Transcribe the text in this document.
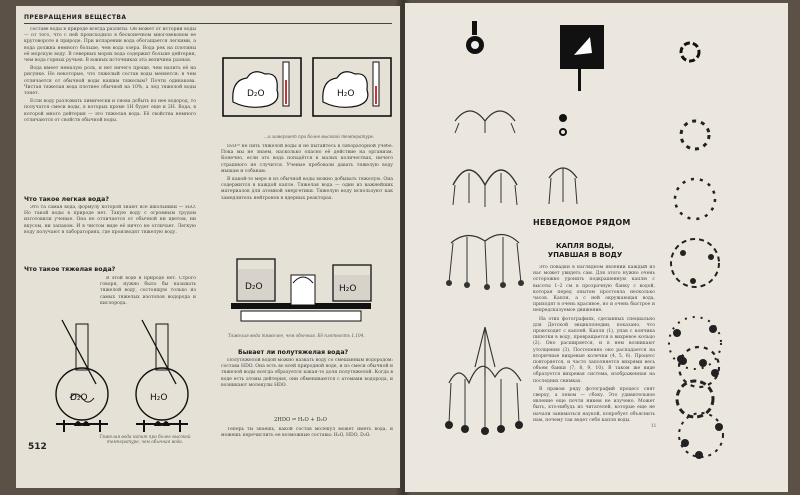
ПРЕВРАЩЕНИЯ ВЕЩЕСТВА

составе воды в природе всегда разлиты. Он может от истории воды — от того, что с ней происходило в бесконечном многовековом ее круговороте в природе. При испарении вода обогащается легкими, а вода должна немного больше, чем вода озера. Вода рек на плотины её морскую воду. В северных морях вода содержит больше дейтерия, чем вода горных ручьев. В южных источниках эта величина разная.

Вода имеет немалую роль, и нет ничего проще, чем налить её на рисунке. Но некоторые, что тяжелый состав воды меняется: в чем отличается от обычной воды нашим тяжелым? Почти одинакова. Чистая тяжелая вода плотнее обычной на 10%, а лед тяжелой воды тонет.

Если воду разложить химически и снова добыть из нее водород, то получатся смеси воды, в которых кроме 1H будет еще и 2H. Вода, в которой много дейтерия — это тяжелая вода. Её свойства немного отличаются от свойств обычной воды.

Что такое легкая вода?
Это та самая вода, формулу которой знают все школьники — H₂O. Но такой воды в природе нет. Такую воду с огромным трудом изготовили ученые. Она не отличается от обычной ни цветом, ни вкусом, ни запахом. И в чистом виде её ничто не отличает. Легкую воду получают в лабораториях, где производят тяжелую воду.
Что такое тяжелая вода?
В этой воде в природе нет. Строго говоря, нужно было бы называть тяжелой воду, состоящую только из самых тяжелых изотопов водорода и кислорода.
D₂O	H₂O
...и замерзает при более высокой температуре.

D₂O²⁰ не пить тяжелой воды и не пытайтесь в лабораторной учебе. Пока мы не знаем, насколько опасно её действие на организм. Конечно, если это вода попадётся в малых количествах, ничего страшного не случится. Ученые пробовали давать тяжелую воду мышам и собакам.

В какой-то мере и из обычной воды можно добывать тяжелую. Она содержится в каждой капле. Тяжелая вода — один из важнейших материалов для атомной энергетики. Тяжелую воду используют как замедлитель нейтронов в ядерных реакторах.

D₂O	H₂O
Тяжелая вода тяжелее, чем обычная. Её плотность 1,104.
Бывает ли полутяжелая вода?
Полутяжелой водой можно назвать воду со смешанным водородом: состава HDO. Она есть во всей природной воде, и из смеси обычной и тяжелой воды всегда образуется какая-то доля полутяжелой. Когда в воде есть атомы дейтерия, они обмениваются с атомами водорода, и возникают молекулы HDO.
2HDO ⇌ H₂O + D₂O
Теперь ты знаешь, какой состав молекул может иметь вода, и можешь перечислить ее возможные составы: H₂O, HDO, D₂O.
D₂O	H₂O
Тяжелая вода кипит при более высокой температуре, чем обычная вода.
512
НЕВЕДОМОЕ РЯДОМ
КАПЛЯ ВОДЫ,
УПАВШАЯ В ВОДУ

Это повадки в наглядном явлении каждый из нас может увидеть сам. Для этого нужно очень осторожно уронить подкрашенную каплю с высоты 1–2 см в прозрачную банку с водой, которая перед опытом простояла несколько часов. Капля, а с ней окружающая вода, приходят в очень красивое, но и очень быстрое и непредсказуемое движение.

На этих фотографиях, сделанных специально для Детской энциклопедии, показано, что происходит с каплей. Капля (1), упав с кончика пипетки в воду, превращается в вихревое кольцо (2). Оно расширяется, и в нем возникают утолщения (3). Постепенно оно распадается на вторичные вихревые колечки (4, 5, 6). Процесс повторяется, и часто заполняется вихрями весь объем банки (7, 8, 9, 10). В таком же виде образуется вихревая система, изображенная на последних снимках.

В правом ряду фотографий процесс снят сверху, а левом — сбоку. Это удивительное явление еще почти никем не изучено. Может быть, кто-нибудь из читателей, которые еще не начали заниматься наукой, попробует объяснить нам, почему так ведет себя капля воды.

11
